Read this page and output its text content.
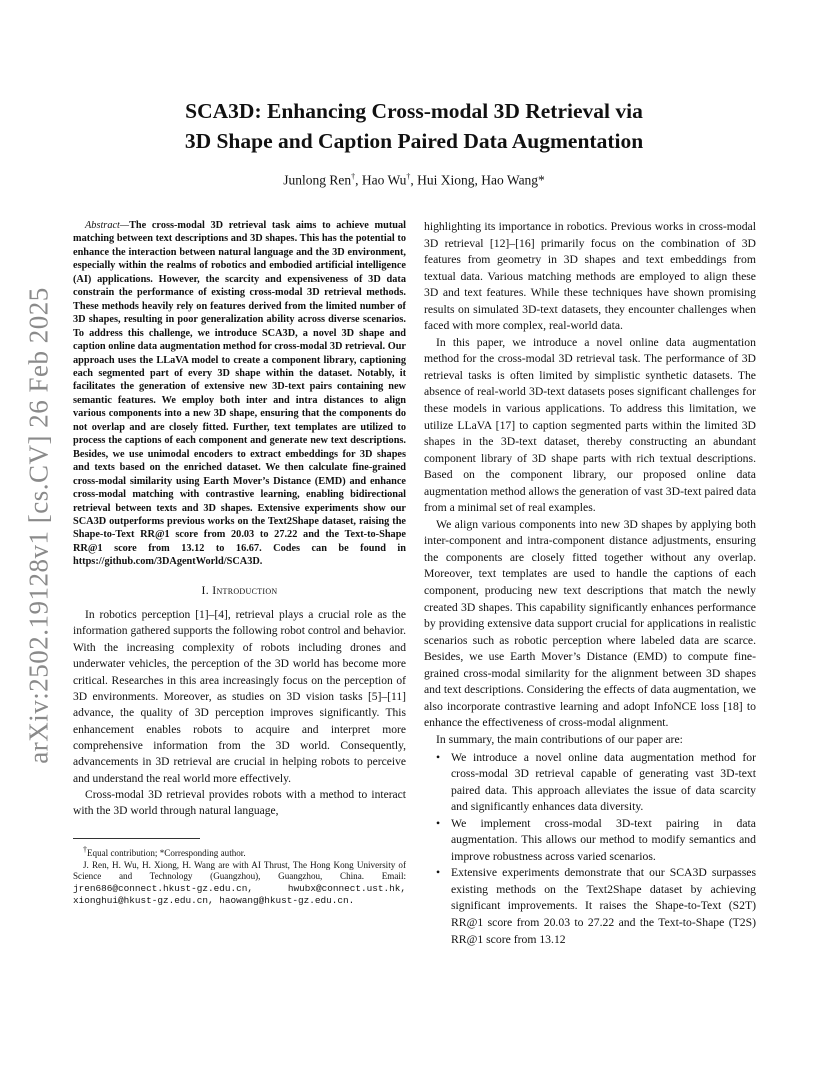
arXiv:2502.19128v1 [cs.CV] 26 Feb 2025
SCA3D: Enhancing Cross-modal 3D Retrieval via
3D Shape and Caption Paired Data Augmentation
Junlong Ren†, Hao Wu†, Hui Xiong, Hao Wang*

Abstract—The cross-modal 3D retrieval task aims to achieve mutual matching between text descriptions and 3D shapes. This has the potential to enhance the interaction between natural language and the 3D environment, especially within the realms of robotics and embodied artificial intelligence (AI) applications. However, the scarcity and expensiveness of 3D data constrain the performance of existing cross-modal 3D retrieval methods. These methods heavily rely on features derived from the limited number of 3D shapes, resulting in poor generalization ability across diverse scenarios. To address this challenge, we introduce SCA3D, a novel 3D shape and caption online data augmentation method for cross-modal 3D retrieval. Our approach uses the LLaVA model to create a component library, captioning each segmented part of every 3D shape within the dataset. Notably, it facilitates the generation of extensive new 3D-text pairs containing new semantic features. We employ both inter and intra distances to align various components into a new 3D shape, ensuring that the components do not overlap and are closely fitted. Further, text templates are utilized to process the captions of each component and generate new text descriptions. Besides, we use unimodal encoders to extract embeddings for 3D shapes and texts based on the enriched dataset. We then calculate fine-grained cross-modal similarity using Earth Mover’s Distance (EMD) and enhance cross-modal matching with contrastive learning, enabling bidirectional retrieval between texts and 3D shapes. Extensive experiments show our SCA3D outperforms previous works on the Text2Shape dataset, raising the Shape-to-Text RR@1 score from 20.03 to 27.22 and the Text-to-Shape RR@1 score from 13.12 to 16.67. Codes can be found in https://github.com/3DAgentWorld/SCA3D.

I. Introduction

In robotics perception [1]–[4], retrieval plays a crucial role as the information gathered supports the following robot control and behavior. With the increasing complexity of robots including drones and underwater vehicles, the perception of the 3D world has become more critical. Researches in this area increasingly focus on the perception of 3D environments. Moreover, as studies on 3D vision tasks [5]–[11] advance, the quality of 3D perception improves significantly. This enhancement enables robots to acquire and interpret more comprehensive information from the 3D world. Consequently, advancements in 3D retrieval are crucial in helping robots to perceive and understand the real world more effectively.

Cross-modal 3D retrieval provides robots with a method to interact with the 3D world through natural language,

†Equal contribution; *Corresponding author.

J. Ren, H. Wu, H. Xiong, H. Wang are with AI Thrust, The Hong Kong University of Science and Technology (Guangzhou), Guangzhou, China. Email: jren686@connect.hkust-gz.edu.cn, hwubx@connect.ust.hk, xionghui@hkust-gz.edu.cn, haowang@hkust-gz.edu.cn.

highlighting its importance in robotics. Previous works in cross-modal 3D retrieval [12]–[16] primarily focus on the combination of 3D features from geometry in 3D shapes and text embeddings from textual data. Various matching methods are employed to align these 3D and text features. While these techniques have shown promising results on simulated 3D-text datasets, they encounter challenges when faced with more complex, real-world data.

In this paper, we introduce a novel online data augmentation method for the cross-modal 3D retrieval task. The performance of 3D retrieval tasks is often limited by simplistic synthetic datasets. The absence of real-world 3D-text datasets poses significant challenges for these models in various applications. To address this limitation, we utilize LLaVA [17] to caption segmented parts within the limited 3D shapes in the 3D-text dataset, thereby constructing an abundant component library of 3D shape parts with rich textual descriptions. Based on the component library, our proposed online data augmentation method allows the generation of vast 3D-text paired data from a minimal set of real examples.

We align various components into new 3D shapes by applying both inter-component and intra-component distance adjustments, ensuring the components are closely fitted together without any overlap. Moreover, text templates are used to handle the captions of each component, producing new text descriptions that match the newly created 3D shapes. This capability significantly enhances performance by providing extensive data support crucial for applications in realistic scenarios such as robotic perception where labeled data are scarce. Besides, we use Earth Mover’s Distance (EMD) to compute fine-grained cross-modal similarity for the alignment between 3D shapes and text descriptions. Considering the effects of data augmentation, we also incorporate contrastive learning and adopt InfoNCE loss [18] to enhance the effectiveness of cross-modal alignment.

In summary, the main contributions of our paper are:

• We introduce a novel online data augmentation method for cross-modal 3D retrieval capable of generating vast 3D-text paired data. This approach alleviates the issue of data scarcity and significantly enhances data diversity.
• We implement cross-modal 3D-text pairing in data augmentation. This allows our method to modify semantics and improve robustness across varied scenarios.
• Extensive experiments demonstrate that our SCA3D surpasses existing methods on the Text2Shape dataset by achieving significant improvements. It raises the Shape-to-Text (S2T) RR@1 score from 20.03 to 27.22 and the Text-to-Shape (T2S) RR@1 score from 13.12
